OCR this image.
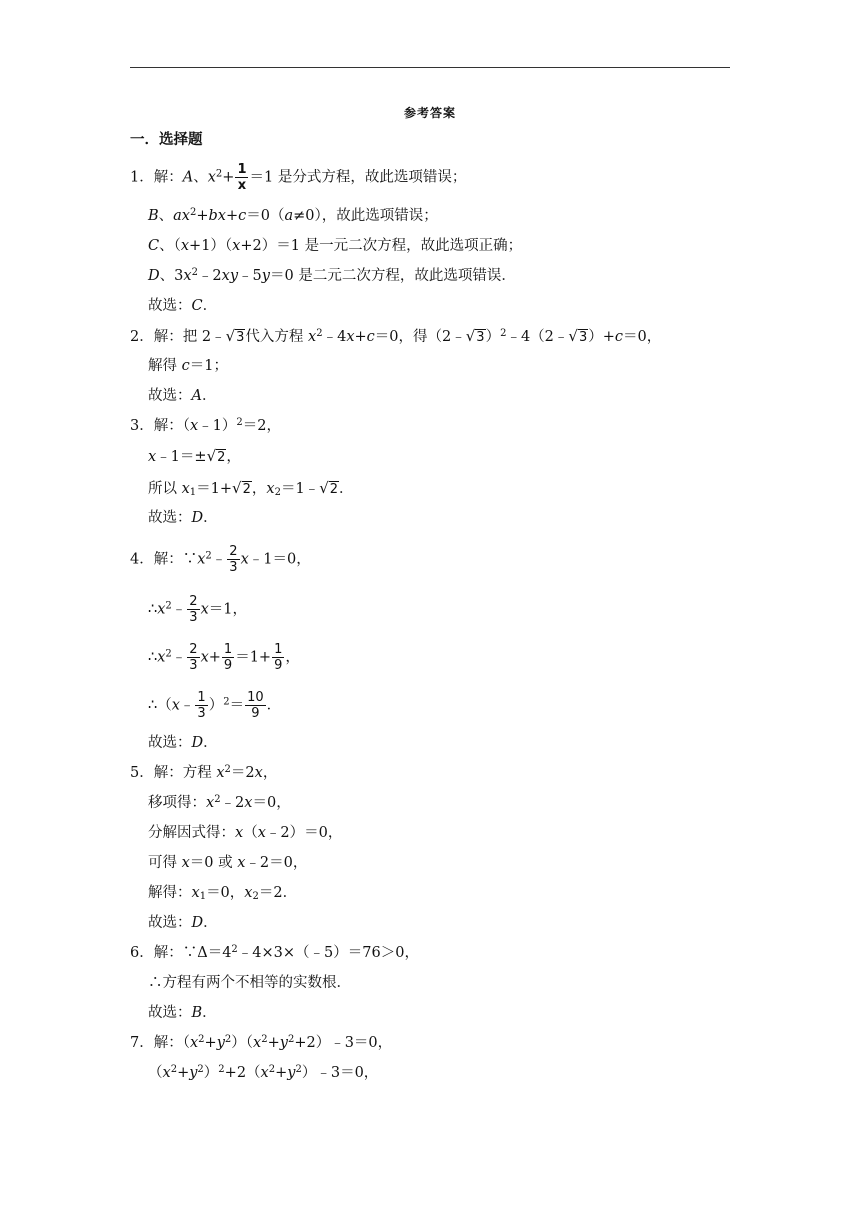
参考答案
一．选择题
1．解：A、$x^2+ \frac{1}{x} =1$ 是分式方程，故此选项错误；
B、$ax^2+bx+c=0(a\ne 0)$，故此选项错误；
C、（x+1）（x+2）＝1 是一元二次方程，故此选项正确；
D、$3x^2﹣2xy﹣5y=0$ 是二元二次方程，故此选项错误．
故选：C．
2．解：把 2﹣√3代入方程 $x^2﹣4x+c=0$，得（2﹣√3）$^2$﹣4（2﹣√3）+c＝0，
解得 c＝1；
故选：A．
3．解：（x﹣1）$^2$＝2，
x﹣1＝±√2，
所以 $x_1=1+√2$，$x_2=1﹣√2$．
故选：D．
4．解：$\because x^2﹣ \frac{2}{3}$ x﹣1＝0，
$\therefore x^2﹣ \frac{2}{3} x=1$，
$\therefore x^2﹣ \frac{2}{3} x+ \frac{1}{9} =1+ \frac{1}{9}$ ，
∴（x﹣ $\frac{1}{3} )^2= \frac{10}{9}$ ．
故选：D．
5．解：方程 $x^2=2x$，
移项得：$x^2﹣2x=0$，
分解因式得：x（x﹣2）＝0，
可得 x＝0 或 x﹣2＝0，
解得：$x_1=0$，$x_2=2$．
故选：D．
6．解：$\because\Delta=4^2﹣4\times 3\times(﹣5)=76>0$，
∴方程有两个不相等的实数根．
故选：B．
7．解：$(x^2+y^2)(x^2+y^2+2)﹣3=0$，
$(x^2+y^2)^2+2(x^2+y^2)﹣3=0$，
